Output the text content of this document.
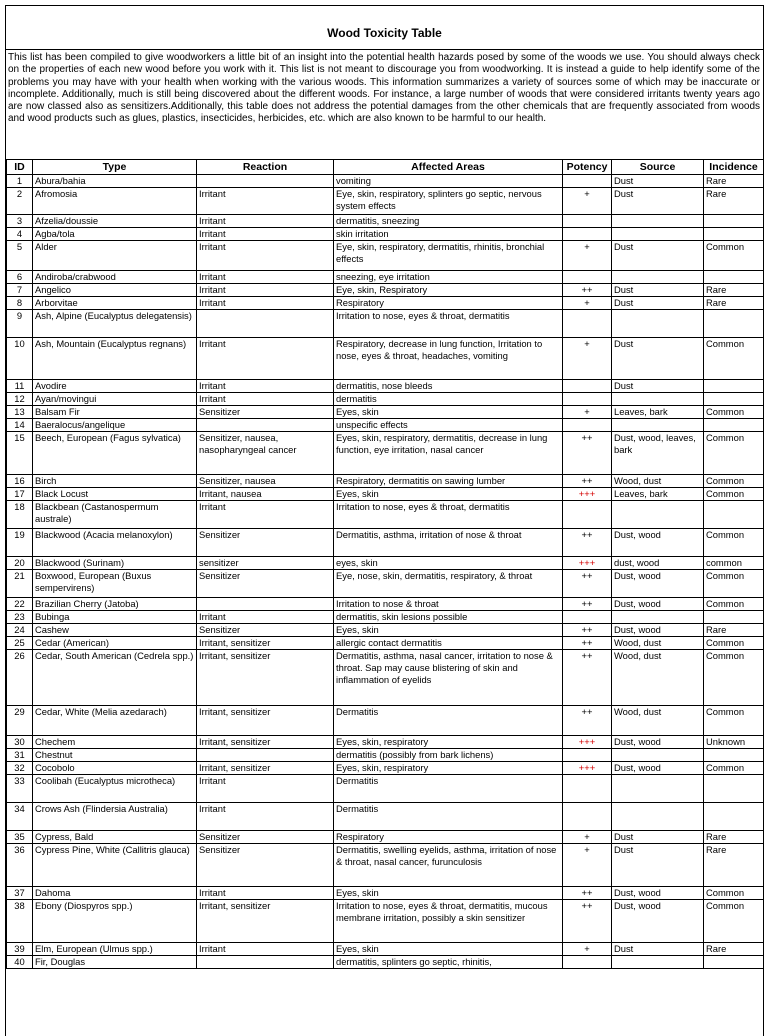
Wood Toxicity Table
This list has been compiled to give woodworkers a little bit of an insight into the potential health hazards posed by some of the woods we use. You should always check on the properties of each new wood before you work with it. This list is not meant to discourage you from woodworking. It is instead a guide to help identify some of the problems you may have with your health when working with the various woods. This information summarizes a variety of sources some of which may be inaccurate or incomplete. Additionally, much is still being discovered about the different woods. For instance, a large number of woods that were considered irritants twenty years ago are now classed also as sensitizers.Additionally, this table does not address the potential damages from the other chemicals that are frequently associated from woods and wood products such as glues, plastics, insecticides, herbicides, etc. which are also known to be harmful to our health.
ID	Type	Reaction	Affected Areas	Potency	Source	Incidence
1	Abura/bahia		vomiting		Dust	Rare
2	Afromosia	Irritant	Eye, skin, respiratory, splinters go septic, nervous system effects	+	Dust	Rare
3	Afzelia/doussie	Irritant	dermatitis, sneezing			
4	Agba/tola	Irritant	skin irritation			
5	Alder	Irritant	Eye, skin, respiratory, dermatitis, rhinitis, bronchial effects	+	Dust	Common
6	Andiroba/crabwood	Irritant	sneezing, eye irritation			
7	Angelico	Irritant	Eye, skin, Respiratory	++	Dust	Rare
8	Arborvitae	Irritant	Respiratory	+	Dust	Rare
9	Ash, Alpine (Eucalyptus delegatensis)		Irritation to nose, eyes & throat, dermatitis			
10	Ash, Mountain (Eucalyptus regnans)	Irritant	Respiratory, decrease in lung function, Irritation to nose, eyes & throat, headaches, vomiting	+	Dust	Common
11	Avodire	Irritant	dermatitis, nose bleeds		Dust	
12	Ayan/movingui	Irritant	dermatitis			
13	Balsam Fir	Sensitizer	Eyes, skin	+	Leaves, bark	Common
14	Baeralocus/angelique		unspecific effects			
15	Beech, European (Fagus sylvatica)	Sensitizer, nausea, nasopharyngeal cancer	Eyes, skin, respiratory, dermatitis, decrease in lung function, eye irritation, nasal cancer	++	Dust, wood, leaves, bark	Common
16	Birch	Sensitizer, nausea	Respiratory, dermatitis on sawing lumber	++	Wood, dust	Common
17	Black Locust	Irritant, nausea	Eyes, skin	+++	Leaves, bark	Common
18	Blackbean (Castanospermum australe)	Irritant	Irritation to nose, eyes & throat, dermatitis			
19	Blackwood (Acacia melanoxylon)	Sensitizer	Dermatitis, asthma, irritation of nose & throat	++	Dust, wood	Common
20	Blackwood (Surinam)	sensitizer	eyes, skin	+++	dust, wood	common
21	Boxwood, European (Buxus sempervirens)	Sensitizer	Eye, nose, skin, dermatitis, respiratory, & throat	++	Dust, wood	Common
22	Brazilian Cherry (Jatoba)		Irritation to nose & throat	++	Dust, wood	Common
23	Bubinga	Irritant	dermatitis, skin lesions possible			
24	Cashew	Sensitizer	Eyes, skin	++	Dust, wood	Rare
25	Cedar (American)	Irritant, sensitizer	allergic contact dermatitis	++	Wood, dust	Common
26	Cedar, South American (Cedrela spp.)	Irritant, sensitizer	Dermatitis, asthma, nasal cancer, irritation to nose & throat. Sap may cause blistering of skin and inflammation of eyelids	++	Wood, dust	Common
29	Cedar, White (Melia azedarach)	Irritant, sensitizer	Dermatitis	++	Wood, dust	Common
30	Chechem	Irritant, sensitizer	Eyes, skin, respiratory	+++	Dust, wood	Unknown
31	Chestnut		dermatitis (possibly from bark lichens)			
32	Cocobolo	Irritant, sensitizer	Eyes, skin, respiratory	+++	Dust, wood	Common
33	Coolibah (Eucalyptus microtheca)	Irritant	Dermatitis			
34	Crows Ash (Flindersia Australia)	Irritant	Dermatitis			
35	Cypress, Bald	Sensitizer	Respiratory	+	Dust	Rare
36	Cypress Pine, White (Callitris glauca)	Sensitizer	Dermatitis, swelling eyelids, asthma, irritation of nose & throat, nasal cancer, furunculosis	+	Dust	Rare
37	Dahoma	Irritant	Eyes, skin	++	Dust, wood	Common
38	Ebony (Diospyros spp.)	Irritant, sensitizer	Irritation to nose, eyes & throat, dermatitis, mucous membrane irritation, possibly a skin sensitizer	++	Dust, wood	Common
39	Elm, European (Ulmus spp.)	Irritant	Eyes, skin	+	Dust	Rare
40	Fir, Douglas		dermatitis, splinters go septic, rhinitis,			
